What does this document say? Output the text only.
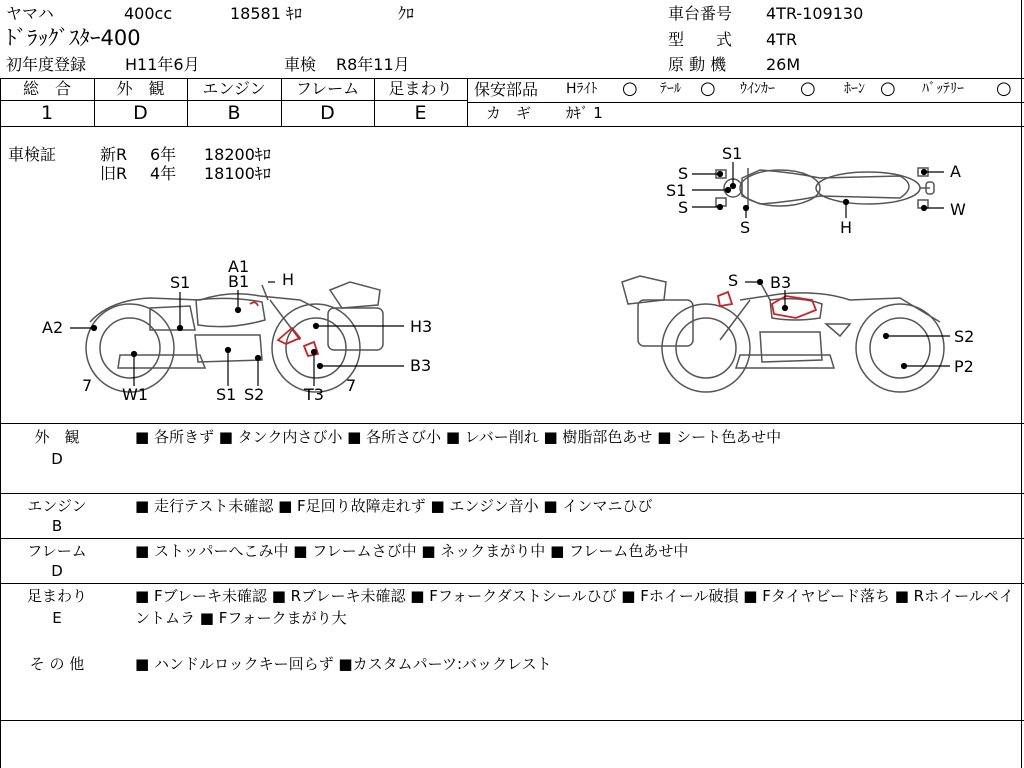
ヤマハ	400cc	18581 ｷﾛ	ｸﾛ
ﾄﾞﾗｯｸﾞｽﾀｰ400
初年度登録 H11年6月	車検 R8年11月
車台番号 4TR-109130
型　　式 4TR
原 動 機 26M
総　合	外　観	エンジン	フレーム	足まわり
1	D	B	D	E
保安部品 Hﾗｲﾄ ○ ﾃｰﾙ ○ ｳｲﾝｶｰ ○ ﾎｰﾝ ○ ﾊﾞｯﾃﾘｰ ○
カ　ギ ｶｷﾞ 1
車検証	新R 6年 18200ｷﾛ
旧R 4年 18100ｷﾛ
S1
S
S1
S
S	H
A
W
A1
B1 H
S1
A2	H3
B3
7 W1	S1 S2 T3 7
S B3
S2
P2
外　観
D
■ 各所きず ■ タンク内さび小 ■ 各所さび小 ■ レバー削れ ■ 樹脂部色あせ ■ シート色あせ中
エンジン
B
■ 走行テスト未確認 ■ F足回り故障走れず ■ エンジン音小 ■ インマニひび
フレーム
D
■ ストッパーへこみ中 ■ フレームさび中 ■ ネックまがり中 ■ フレーム色あせ中
足まわり
E
■ Fブレーキ未確認 ■ Rブレーキ未確認 ■ Fフォークダストシールひび ■ Fホイール破損 ■ Fタイヤビード落ち ■ Rホイールペイントムラ ■ Fフォークまがり大
そ の 他	■ ハンドルロックキー回らず ■カスタムパーツ:バックレスト
